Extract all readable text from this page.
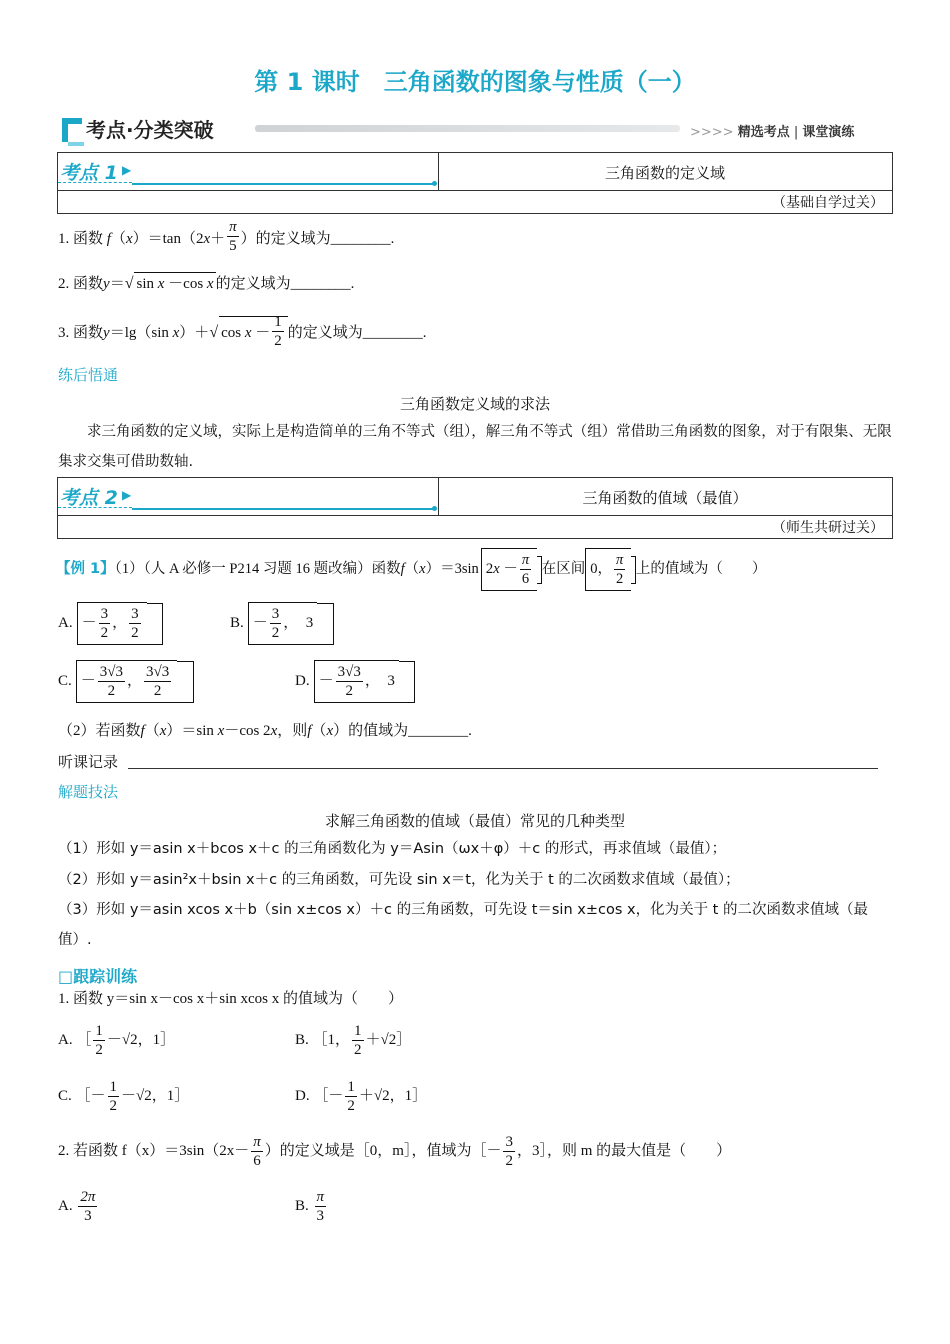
第 1 课时　三角函数的图象与性质（一）
考点·分类突破	>>>> 精选考点 | 课堂演练
考点 1 ▶	三角函数的定义域
（基础自学过关）
1. 函数 $f(x)=\tan(2x+ \frac{\pi}{5}$ ）的定义域为________.
2. 函数y＝√ sin x －cos x 的定义域为________.
3. 函数y＝lg（sin x）＋√ $\cos x - \frac{1}{2}$ 的定义域为________.
练后悟通
三角函数定义域的求法
求三角函数的定义域，实际上是构造简单的三角不等式（组），解三角不等式（组）常借助三角函数的图象，对于有限集、无限集求交集可借助数轴.
考点 2 ▶	三角函数的值域（最值）
（师生共研过关）
【例 1】（1）（人 A 必修一 P214 习题 16 题改编）函数f（x）＝3sin $2x - \frac{\pi}{6}$ 在区间 0， $\frac{\pi}{2}$ 上的值域为（　　）
A. － $\frac{3}{2}$ ， $\frac{3}{2}$	B. － $\frac{3}{2}$ ，　3
C. － $\frac{3√3}{2}$ ， $\frac{3√3}{2}$	D. － $\frac{3√3}{2}$ ，　3
（2）若函数f（x）＝sin x－cos 2x，则f（x）的值域为________.
听课记录
解题技法
求解三角函数的值域（最值）常见的几种类型
（1）形如 y＝asin x＋bcos x＋c 的三角函数化为 y＝Asin（ωx＋φ）＋c 的形式，再求值域（最值）；
（2）形如 y＝asin²x＋bsin x＋c 的三角函数，可先设 sin x＝t，化为关于 t 的二次函数求值域（最值）；
（3）形如 y＝asin xcos x＋b（sin x±cos x）＋c 的三角函数，可先设 t＝sin x±cos x，化为关于 t 的二次函数求值域（最值）.
□跟踪训练
1. 函数 y＝sin x－cos x＋sin xcos x 的值域为（　　）
A. ［ $\frac{1}{2} -√2$，1］	B. ［1， $\frac{1}{2}$ ＋√2］
C. ［－ $\frac{1}{2} -√2$，1］	D. ［－ $\frac{1}{2} +√2$，1］
2. 若函数 $f(x)=3\sin(2x- \frac{\pi}{6}$ ）的定义域是［0，m］，值域为［－ $\frac{3}{2}$ ，3］，则 m 的最大值是（　　）
A. $\frac{2\pi}{3}$	B. $\frac{\pi}{3}$
